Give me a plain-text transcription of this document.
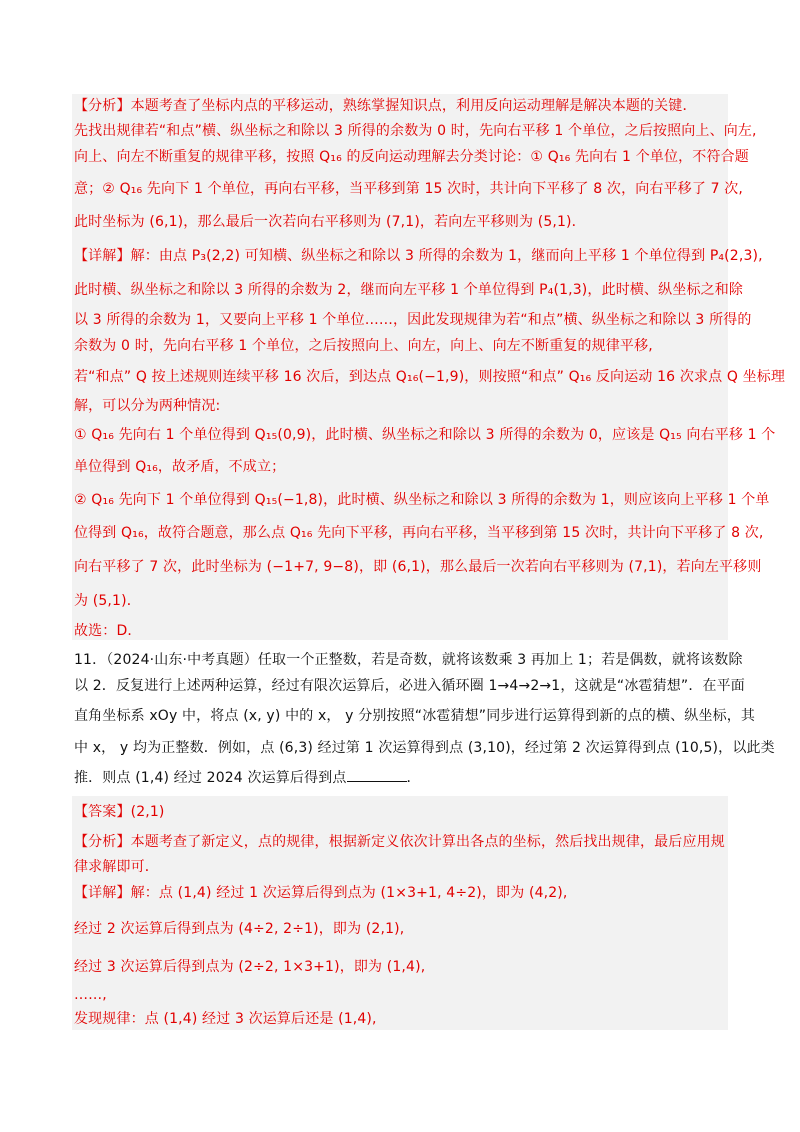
【分析】本题考查了坐标内点的平移运动，熟练掌握知识点，利用反向运动理解是解决本题的关键．
先找出规律若“和点”横、纵坐标之和除以 3 所得的余数为 0 时，先向右平移 1 个单位，之后按照向上、向左,
向上、向左不断重复的规律平移，按照 Q₁₆ 的反向运动理解去分类讨论：① Q₁₆ 先向右 1 个单位，不符合题
意；② Q₁₆ 先向下 1 个单位，再向右平移，当平移到第 15 次时，共计向下平移了 8 次，向右平移了 7 次,
此时坐标为 (6,1)，那么最后一次若向右平移则为 (7,1)，若向左平移则为 (5,1)．
【详解】解：由点 P₃(2,2) 可知横、纵坐标之和除以 3 所得的余数为 1，继而向上平移 1 个单位得到 P₄(2,3),
此时横、纵坐标之和除以 3 所得的余数为 2，继而向左平移 1 个单位得到 P₄(1,3)，此时横、纵坐标之和除
以 3 所得的余数为 1，又要向上平移 1 个单位……，因此发现规律为若“和点”横、纵坐标之和除以 3 所得的
余数为 0 时，先向右平移 1 个单位，之后按照向上、向左，向上、向左不断重复的规律平移,
若“和点” Q 按上述规则连续平移 16 次后，到达点 Q₁₆(−1,9)，则按照“和点” Q₁₆ 反向运动 16 次求点 Q 坐标理
解，可以分为两种情况:
① Q₁₆ 先向右 1 个单位得到 Q₁₅(0,9)，此时横、纵坐标之和除以 3 所得的余数为 0，应该是 Q₁₅ 向右平移 1 个
单位得到 Q₁₆，故矛盾，不成立；
② Q₁₆ 先向下 1 个单位得到 Q₁₅(−1,8)，此时横、纵坐标之和除以 3 所得的余数为 1，则应该向上平移 1 个单
位得到 Q₁₆，故符合题意，那么点 Q₁₆ 先向下平移，再向右平移，当平移到第 15 次时，共计向下平移了 8 次,
向右平移了 7 次，此时坐标为 (−1+7, 9−8)，即 (6,1)，那么最后一次若向右平移则为 (7,1)，若向左平移则
为 (5,1)．
故选：D．
11．（2024·山东·中考真题）任取一个正整数，若是奇数，就将该数乘 3 再加上 1；若是偶数，就将该数除
以 2．反复进行上述两种运算，经过有限次运算后，必进入循环圈 1→4→2→1，这就是“冰雹猜想”．在平面
直角坐标系 xOy 中，将点 (x, y) 中的 x， y 分别按照“冰雹猜想”同步进行运算得到新的点的横、纵坐标，其
中 x， y 均为正整数．例如，点 (6,3) 经过第 1 次运算得到点 (3,10)，经过第 2 次运算得到点 (10,5)，以此类
推．则点 (1,4) 经过 2024 次运算后得到点	．
【答案】(2,1)
【分析】本题考查了新定义，点的规律，根据新定义依次计算出各点的坐标，然后找出规律，最后应用规
律求解即可．
【详解】解：点 (1,4) 经过 1 次运算后得到点为 (1×3+1, 4÷2)，即为 (4,2),
经过 2 次运算后得到点为 (4÷2, 2÷1)，即为 (2,1),
经过 3 次运算后得到点为 (2÷2, 1×3+1)，即为 (1,4),
……,
发现规律：点 (1,4) 经过 3 次运算后还是 (1,4),
